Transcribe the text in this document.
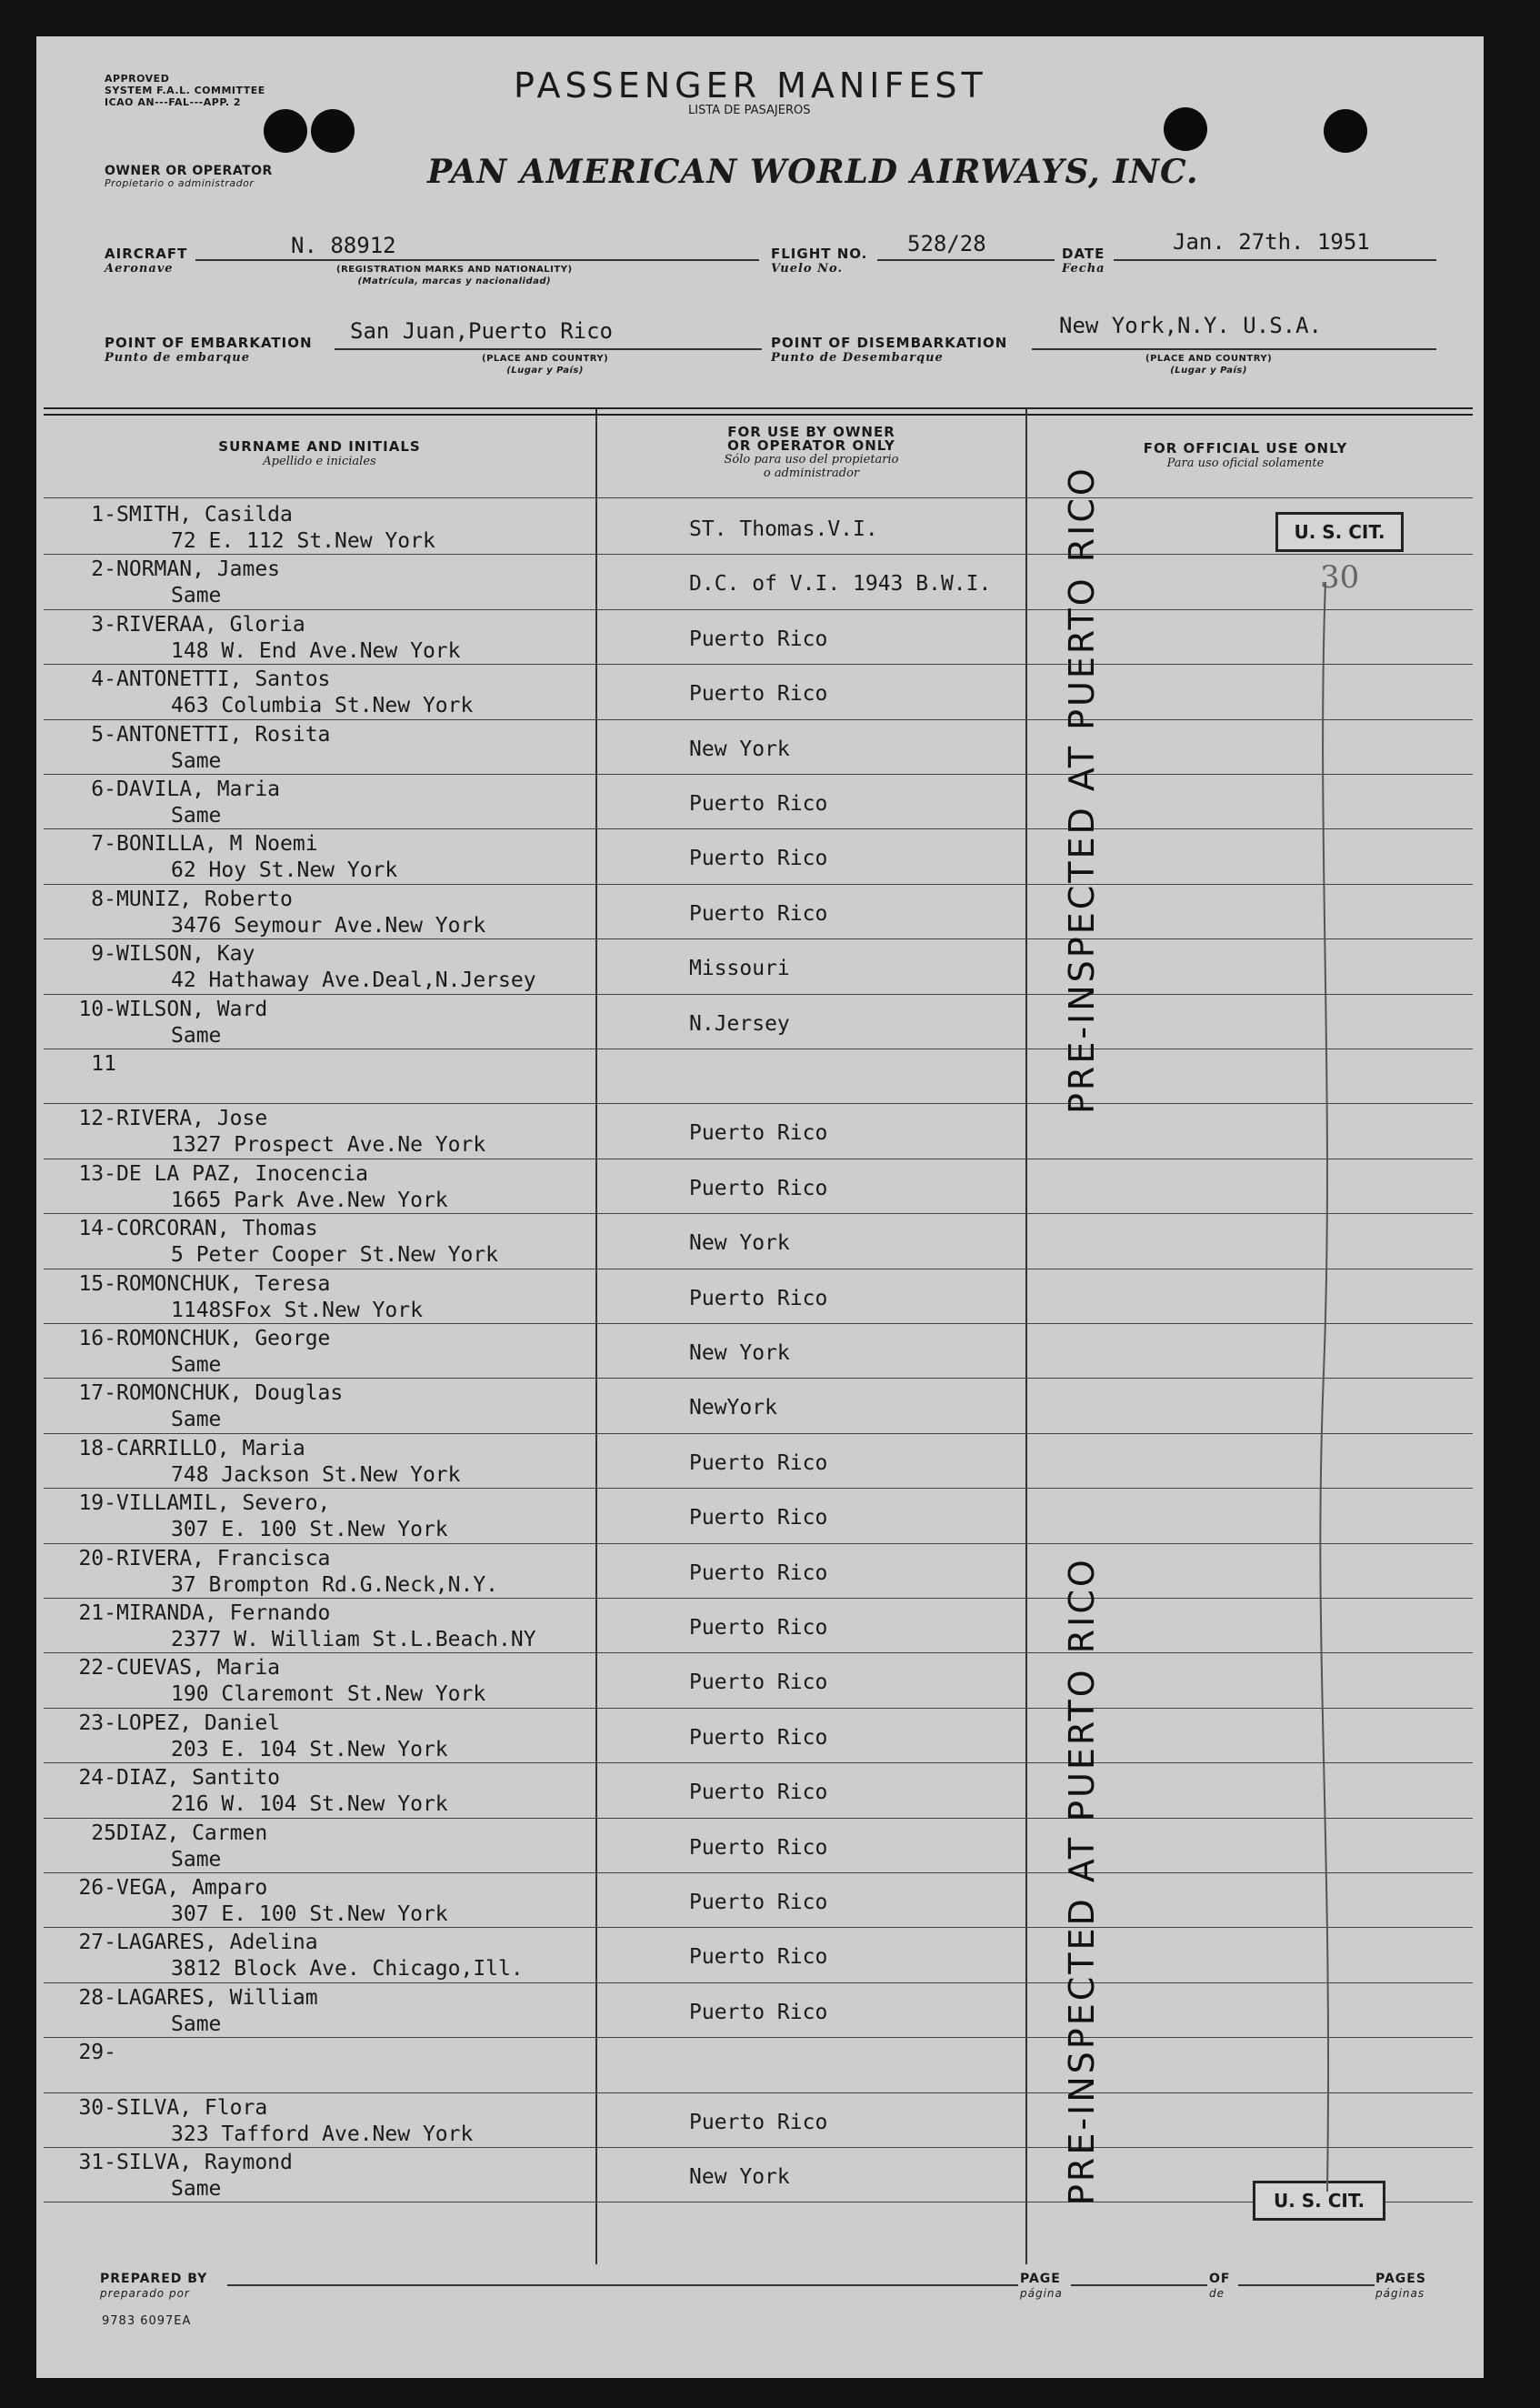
APPROVED
SYSTEM F.A.L. COMMITTEE
ICAO AN---FAL---APP. 2	PASSENGER MANIFEST
LISTA DE PASAJEROS
OWNER OR OPERATOR
Propietario o administrador	PAN AMERICAN WORLD AIRWAYS, INC.
AIRCRAFT
Aeronave
N. 88912
(REGISTRATION MARKS AND NATIONALITY)
(Matrícula, marcas y nacionalidad)
FLIGHT NO.
Vuelo No.
528/28	DATE
Fecha
Jan. 27th. 1951
POINT OF EMBARKATION
Punto de embarque
San Juan,Puerto Rico
(PLACE AND COUNTRY)
(Lugar y País)
POINT OF DISEMBARKATION
Punto de Desembarque
New York,N.Y. U.S.A.
(PLACE AND COUNTRY)
(Lugar y País)
SURNAME AND INITIALS
Apellido e iniciales
FOR USE BY OWNER
OR OPERATOR ONLY
Sólo para uso del propietario
o administrador
FOR OFFICIAL USE ONLY
Para uso oficial solamente
1- SMITH, Casilda
72 E. 112 St.New York	ST. Thomas.V.I.
2- NORMAN, James
Same	D.C. of V.I. 1943 B.W.I.
3- RIVERAA, Gloria
148 W. End Ave.New York	Puerto Rico
4- ANTONETTI, Santos
463 Columbia St.New York	Puerto Rico
5- ANTONETTI, Rosita
Same	New York
6- DAVILA, Maria
Same	Puerto Rico
7- BONILLA, M Noemi
62 Hoy St.New York	Puerto Rico
8- MUNIZ, Roberto
3476 Seymour Ave.New York	Puerto Rico
9- WILSON, Kay
42 Hathaway Ave.Deal,N.Jersey	Missouri
10- WILSON, Ward
Same	N.Jersey
11
12- RIVERA, Jose
1327 Prospect Ave.Ne York	Puerto Rico
13- DE LA PAZ, Inocencia
1665 Park Ave.New York	Puerto Rico
14- CORCORAN, Thomas
5 Peter Cooper St.New York	New York
15- ROMONCHUK, Teresa
1148SFox St.New York	Puerto Rico
16- ROMONCHUK, George
Same	New York
17- ROMONCHUK, Douglas
Same	NewYork
18- CARRILLO, Maria
748 Jackson St.New York	Puerto Rico
19- VILLAMIL, Severo,
307 E. 100 St.New York	Puerto Rico
20- RIVERA, Francisca
37 Brompton Rd.G.Neck,N.Y.	Puerto Rico
21- MIRANDA, Fernando
2377 W. William St.L.Beach.NY	Puerto Rico
22- CUEVAS, Maria
190 Claremont St.New York	Puerto Rico
23- LOPEZ, Daniel
203 E. 104 St.New York	Puerto Rico
24- DIAZ, Santito
216 W. 104 St.New York	Puerto Rico
25 DIAZ, Carmen
Same	Puerto Rico
26- VEGA, Amparo
307 E. 100 St.New York	Puerto Rico
27- LAGARES, Adelina
3812 Block Ave. Chicago,Ill.	Puerto Rico
28- LAGARES, William
Same	Puerto Rico
29-
30- SILVA, Flora
323 Tafford Ave.New York	Puerto Rico
31- SILVA, Raymond
Same	New York
PRE-INSPECTED AT PUERTO RICO
PRE-INSPECTED AT PUERTO RICO
U. S. CIT.
U. S. CIT.
30
PREPARED BY
preparado por
PAGE
página
OF
de
PAGES
páginas
9783 6097EA
